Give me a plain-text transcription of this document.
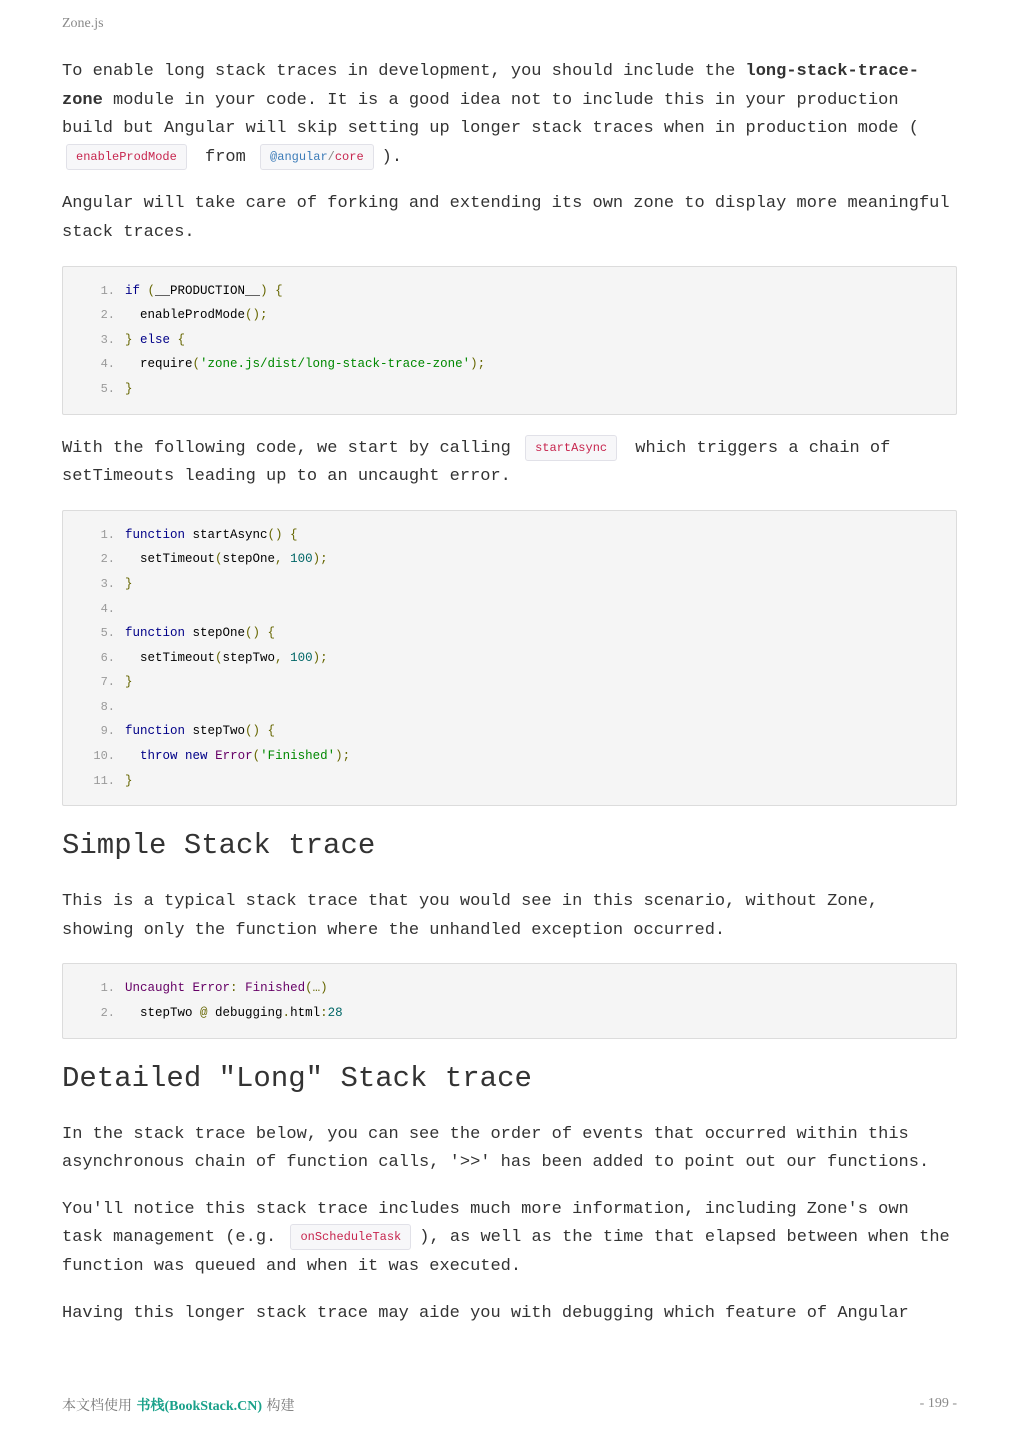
Zone.js

To enable long stack traces in development, you should include the long-stack-trace-zone module in your code. It is a good idea not to include this in your production build but Angular will skip setting up longer stack traces when in production mode (enableProdMode from @angular/core ).

Angular will take care of forking and extending its own zone to display more meaningful stack traces.

1. if (__PRODUCTION__) {
2. enableProdMode();
3. } else {
4. require('zone.js/dist/long-stack-trace-zone');
5. }

With the following code, we start by calling startAsync which triggers a chain of setTimeouts leading up to an uncaught error.

1. function startAsync() {
2. setTimeout(stepOne, 100);
3. }
4.
5. function stepOne() {
6. setTimeout(stepTwo, 100);
7. }
8.
9. function stepTwo() {
10. throw new Error('Finished');
11. }
Simple Stack trace

This is a typical stack trace that you would see in this scenario, without Zone, showing only the function where the unhandled exception occurred.

1. Uncaught Error: Finished(…)
2. stepTwo @ debugging.html:28
Detailed "Long" Stack trace

In the stack trace below, you can see the order of events that occurred within this asynchronous chain of function calls, '>>' has been added to point out our functions.

You'll notice this stack trace includes much more information, including Zone's own task management (e.g. onScheduleTask ), as well as the time that elapsed between when the function was queued and when it was executed.

Having this longer stack trace may aide you with debugging which feature of Angular

本文档使用 书栈(BookStack.CN) 构建	- 199 -
